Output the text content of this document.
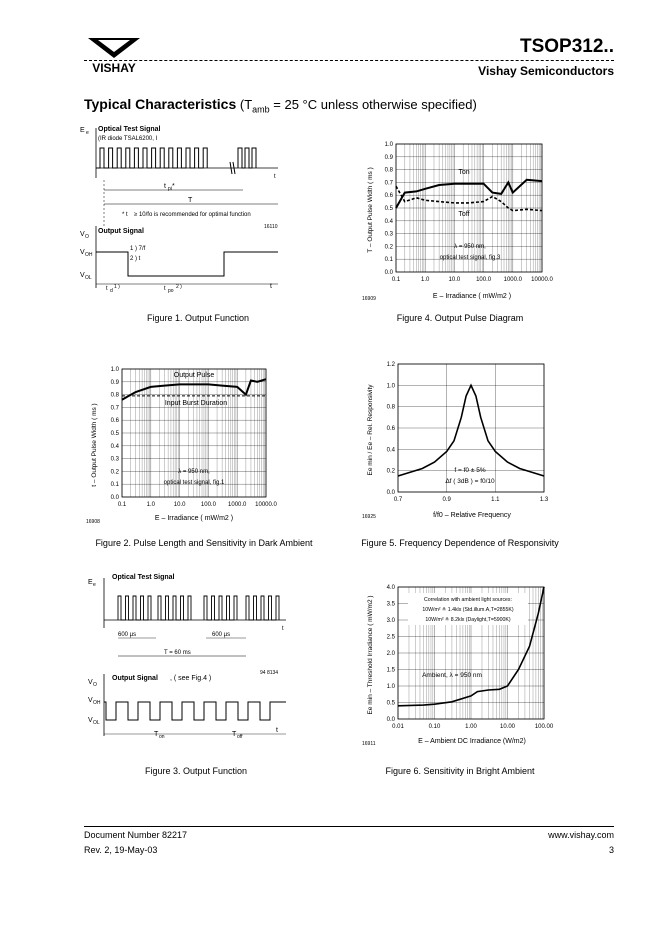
VISHAY
TSOP312..
Vishay Semiconductors
Typical Characteristics ($T_{amb} = 25$ °C unless otherwise specified)
E e Optical Test Signal
(IR diode TSAL6200, I
t
t pi *
T
* t ≥ 10/fo is recommended for optimal function
16110
V O
Output Signal
V OH
V OL
1 ) 7/f
2 ) t
t d
1 )	t po
2 )	t
Figure 1. Output Function
0.0
0.1
0.2
0.3
0.4
0.5
0.6
0.7
0.8
0.9
1.0
0.1	1.0	10.0	100.0 1000.0 10000.0
Ton
Toff
λ = 950 nm,
optical test signal, fig.3
T – Output Pulse Width ( ms )
E – Irradiance ( mW/m2 )
16909
Figure 4. Output Pulse Diagram
0.0
0.1
0.2
0.3
0.4
0.5
0.6
0.7
0.8
0.9
1.0
0.1	1.0	10.0	100.0 1000.0 10000.0
Output Pulse
Input Burst Duration
λ = 950 nm,
optical test signal, fig.1
t – Output Pulse Width ( ms )
E – Irradiance ( mW/m2 )
16908
Figure 2. Pulse Length and Sensitivity in Dark Ambient
0.0
0.2
0.4
0.6
0.8
1.0
1.2
0.7	0.9	1.1	1.3
f = f0 ± 5%
Δf ( 3dB ) = f0/10
Ee min / Ee – Rel. Responsivity
f/f0 – Relative Frequency
16925
Figure 5. Frequency Dependence of Responsivity
E e
Optical Test Signal
t
600 µs	600 µs
T = 60 ms
94 8134
V O
Output Signal , ( see Fig.4 )
V OH
V OL
T on	T off
t
Figure 3. Output Function
0.0
0.5
1.0
1.5
2.0
2.5
3.0
3.5
4.0
0.01	0.10	1.00	10.00	100.00
Correlation with ambient light sources:
10W/m² ≙ 1.4klx (Std.illum.A,T=2855K)
10W/m² ≙ 8.2klx (Daylight,T=5900K)
Ambient, λ = 950 nm
Ee min – Threshold Irradiance ( mW/m2 )
E – Ambient DC Irradiance (W/m2)
16911
Figure 6. Sensitivity in Bright Ambient
Document Number 82217
Rev. 2, 19-May-03
www.vishay.com
3
